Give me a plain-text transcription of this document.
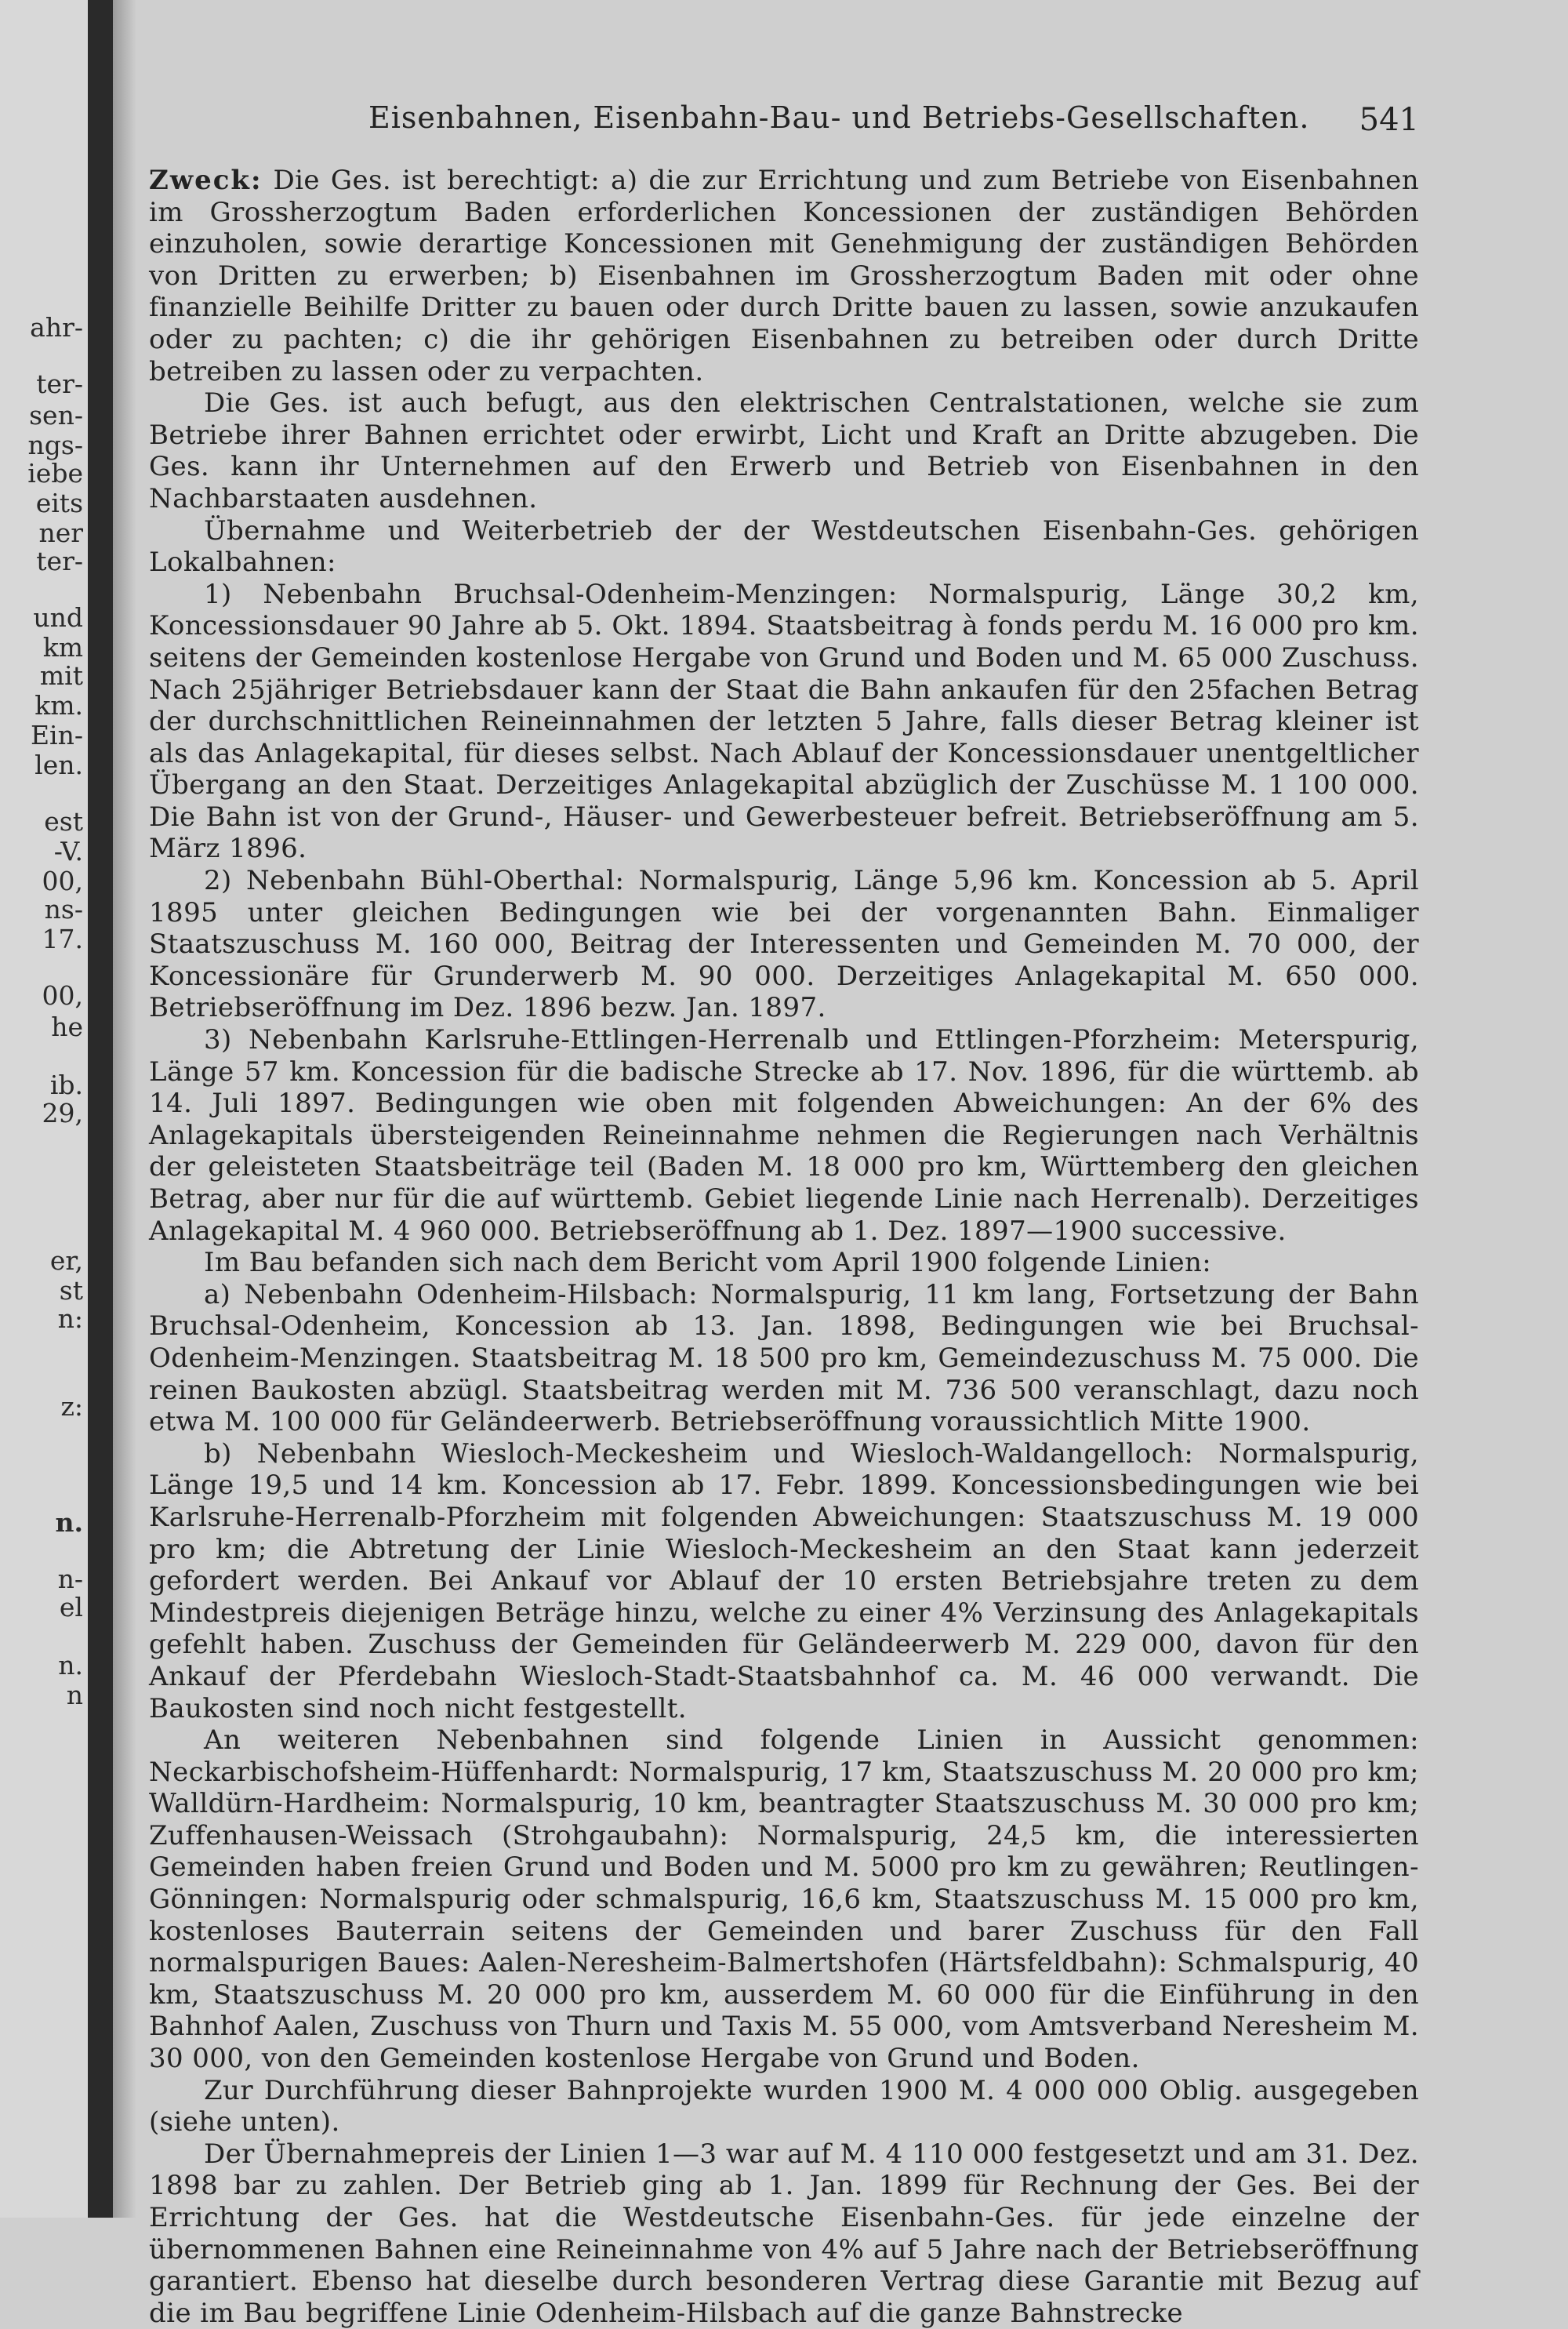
ahr-
ter-
sen-
ngs-
iebe
eits
ner
ter-
und
km
mit
km.
Ein-
len.
est
-V.
00,
ns-
17.
00,
he
ib.
29,
er,
st
n:
z:
n.
n-
el
n.
n
Eisenbahnen, Eisenbahn-Bau- und Betriebs-Gesellschaften. 541

Zweck: Die Ges. ist berechtigt: a) die zur Errichtung und zum Betriebe von Eisenbahnen im Grossherzogtum Baden erforderlichen Koncessionen der zuständigen Behörden einzuholen, sowie derartige Koncessionen mit Genehmigung der zuständigen Behörden von Dritten zu erwerben; b) Eisenbahnen im Grossherzogtum Baden mit oder ohne finanzielle Beihilfe Dritter zu bauen oder durch Dritte bauen zu lassen, sowie anzukaufen oder zu pachten; c) die ihr gehörigen Eisenbahnen zu betreiben oder durch Dritte betreiben zu lassen oder zu verpachten.

Die Ges. ist auch befugt, aus den elektrischen Centralstationen, welche sie zum Betriebe ihrer Bahnen errichtet oder erwirbt, Licht und Kraft an Dritte abzugeben. Die Ges. kann ihr Unternehmen auf den Erwerb und Betrieb von Eisenbahnen in den Nachbarstaaten ausdehnen.

Übernahme und Weiterbetrieb der der Westdeutschen Eisenbahn-Ges. gehörigen Lokalbahnen:

1) Nebenbahn Bruchsal-Odenheim-Menzingen: Normalspurig, Länge 30,2 km, Koncessionsdauer 90 Jahre ab 5. Okt. 1894. Staatsbeitrag à fonds perdu M. 16 000 pro km. seitens der Gemeinden kostenlose Hergabe von Grund und Boden und M. 65 000 Zuschuss. Nach 25jähriger Betriebsdauer kann der Staat die Bahn ankaufen für den 25fachen Betrag der durchschnittlichen Reineinnahmen der letzten 5 Jahre, falls dieser Betrag kleiner ist als das Anlagekapital, für dieses selbst. Nach Ablauf der Koncessionsdauer unentgeltlicher Übergang an den Staat. Derzeitiges Anlagekapital abzüglich der Zuschüsse M. 1 100 000. Die Bahn ist von der Grund-, Häuser- und Gewerbesteuer befreit. Betriebseröffnung am 5. März 1896.

2) Nebenbahn Bühl-Oberthal: Normalspurig, Länge 5,96 km. Koncession ab 5. April 1895 unter gleichen Bedingungen wie bei der vorgenannten Bahn. Einmaliger Staatszuschuss M. 160 000, Beitrag der Interessenten und Gemeinden M. 70 000, der Koncessionäre für Grunderwerb M. 90 000. Derzeitiges Anlagekapital M. 650 000. Betriebseröffnung im Dez. 1896 bezw. Jan. 1897.

3) Nebenbahn Karlsruhe-Ettlingen-Herrenalb und Ettlingen-Pforzheim: Meterspurig, Länge 57 km. Koncession für die badische Strecke ab 17. Nov. 1896, für die württemb. ab 14. Juli 1897. Bedingungen wie oben mit folgenden Abweichungen: An der 6% des Anlagekapitals übersteigenden Reineinnahme nehmen die Regierungen nach Verhältnis der geleisteten Staatsbeiträge teil (Baden M. 18 000 pro km, Württemberg den gleichen Betrag, aber nur für die auf württemb. Gebiet liegende Linie nach Herrenalb). Derzeitiges Anlagekapital M. 4 960 000. Betriebseröffnung ab 1. Dez. 1897—1900 successive.

Im Bau befanden sich nach dem Bericht vom April 1900 folgende Linien:

a) Nebenbahn Odenheim-Hilsbach: Normalspurig, 11 km lang, Fortsetzung der Bahn Bruchsal-Odenheim, Koncession ab 13. Jan. 1898, Bedingungen wie bei Bruchsal-Odenheim-Menzingen. Staatsbeitrag M. 18 500 pro km, Gemeindezuschuss M. 75 000. Die reinen Baukosten abzügl. Staatsbeitrag werden mit M. 736 500 veranschlagt, dazu noch etwa M. 100 000 für Geländeerwerb. Betriebseröffnung voraussichtlich Mitte 1900.

b) Nebenbahn Wiesloch-Meckesheim und Wiesloch-Waldangelloch: Normalspurig, Länge 19,5 und 14 km. Koncession ab 17. Febr. 1899. Koncessionsbedingungen wie bei Karlsruhe-Herrenalb-Pforzheim mit folgenden Abweichungen: Staatszuschuss M. 19 000 pro km; die Abtretung der Linie Wiesloch-Meckesheim an den Staat kann jederzeit gefordert werden. Bei Ankauf vor Ablauf der 10 ersten Betriebsjahre treten zu dem Mindestpreis diejenigen Beträge hinzu, welche zu einer 4% Verzinsung des Anlagekapitals gefehlt haben. Zuschuss der Gemeinden für Geländeerwerb M. 229 000, davon für den Ankauf der Pferdebahn Wiesloch-Stadt-Staatsbahnhof ca. M. 46 000 verwandt. Die Baukosten sind noch nicht festgestellt.

An weiteren Nebenbahnen sind folgende Linien in Aussicht genommen: Neckarbischofsheim-Hüffenhardt: Normalspurig, 17 km, Staatszuschuss M. 20 000 pro km; Walldürn-Hardheim: Normalspurig, 10 km, beantragter Staatszuschuss M. 30 000 pro km; Zuffenhausen-Weissach (Strohgaubahn): Normalspurig, 24,5 km, die interessierten Gemeinden haben freien Grund und Boden und M. 5000 pro km zu gewähren; Reutlingen-Gönningen: Normalspurig oder schmalspurig, 16,6 km, Staatszuschuss M. 15 000 pro km, kostenloses Bauterrain seitens der Gemeinden und barer Zuschuss für den Fall normalspurigen Baues: Aalen-Neresheim-Balmertshofen (Härtsfeldbahn): Schmalspurig, 40 km, Staatszuschuss M. 20 000 pro km, ausserdem M. 60 000 für die Einführung in den Bahnhof Aalen, Zuschuss von Thurn und Taxis M. 55 000, vom Amtsverband Neresheim M. 30 000, von den Gemeinden kostenlose Hergabe von Grund und Boden.

Zur Durchführung dieser Bahnprojekte wurden 1900 M. 4 000 000 Oblig. ausgegeben (siehe unten).

Der Übernahmepreis der Linien 1—3 war auf M. 4 110 000 festgesetzt und am 31. Dez. 1898 bar zu zahlen. Der Betrieb ging ab 1. Jan. 1899 für Rechnung der Ges. Bei der Errichtung der Ges. hat die Westdeutsche Eisenbahn-Ges. für jede einzelne der übernommenen Bahnen eine Reineinnahme von 4% auf 5 Jahre nach der Betriebseröffnung garantiert. Ebenso hat dieselbe durch besonderen Vertrag diese Garantie mit Bezug auf die im Bau begriffene Linie Odenheim-Hilsbach auf die ganze Bahnstrecke
